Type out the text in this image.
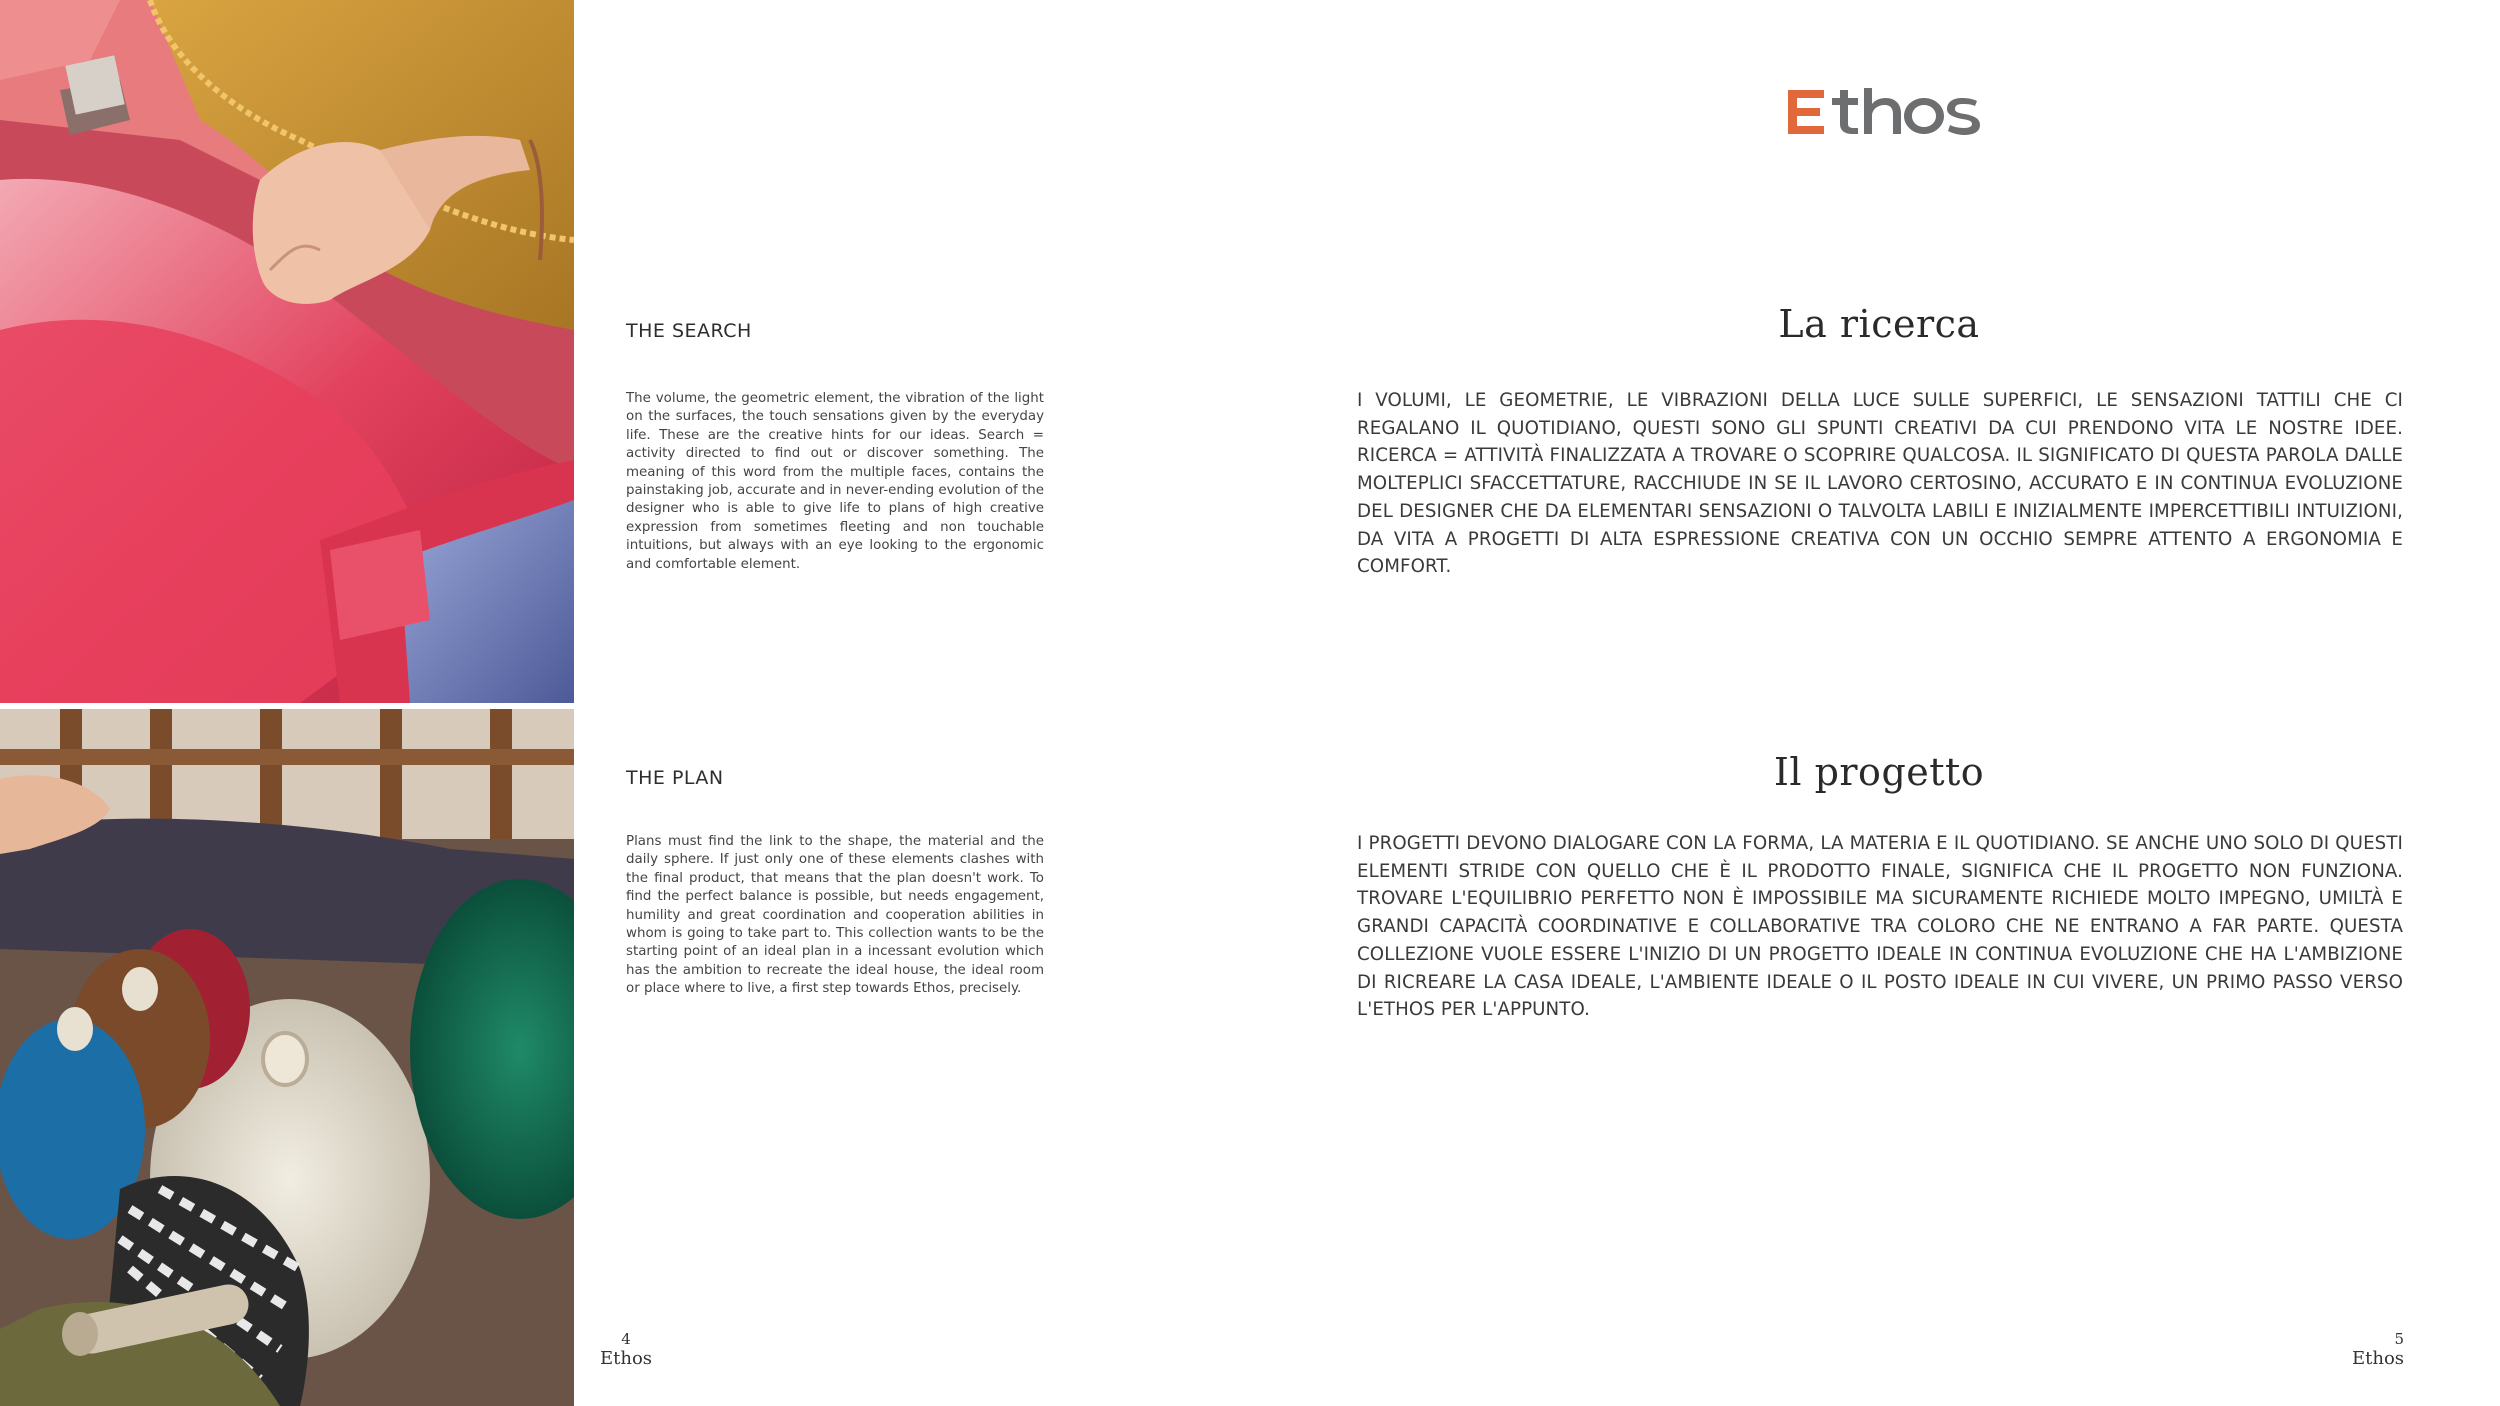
THE SEARCH

The volume, the geometric element, the vibration of the light on the surfaces, the touch sensations given by the everyday life. These are the creative hints for our ideas. Search = activity directed to find out or discover something. The meaning of this word from the multiple faces, contains the painstaking job, accurate and in never-ending evolution of the designer who is able to give life to plans of high creative expression from sometimes fleeting and non touchable intuitions, but always with an eye looking to the ergonomic and comfortable element.

La ricerca

I VOLUMI, LE GEOMETRIE, LE VIBRAZIONI DELLA LUCE SULLE SUPERFICI, LE SENSAZIONI TATTILI CHE CI REGALANO IL QUOTIDIANO, QUESTI SONO GLI SPUNTI CREATIVI DA CUI PRENDONO VITA LE NOSTRE IDEE. RICERCA = ATTIVITÀ FINALIZZATA A TROVARE O SCOPRIRE QUALCOSA. IL SIGNIFICATO DI QUESTA PAROLA DALLE MOLTEPLICI SFACCETTATURE, RACCHIUDE IN SE IL LAVORO CERTOSINO, ACCURATO E IN CONTINUA EVOLUZIONE DEL DESIGNER CHE DA ELEMENTARI SENSAZIONI O TALVOLTA LABILI E INIZIALMENTE IMPERCETTIBILI INTUIZIONI, DA VITA A PROGETTI DI ALTA ESPRESSIONE CREATIVA CON UN OCCHIO SEMPRE ATTENTO A ERGONOMIA E COMFORT.

THE PLAN

Plans must find the link to the shape, the material and the daily sphere. If just only one of these elements clashes with the final product, that means that the plan doesn't work. To find the perfect balance is possible, but needs engagement, humility and great coordination and cooperation abilities in whom is going to take part to. This collection wants to be the starting point of an ideal plan in a incessant evolution which has the ambition to recreate the ideal house, the ideal room or place where to live, a first step towards Ethos, precisely.

Il progetto

I PROGETTI DEVONO DIALOGARE CON LA FORMA, LA MATERIA E IL QUOTIDIANO. SE ANCHE UNO SOLO DI QUESTI ELEMENTI STRIDE CON QUELLO CHE È IL PRODOTTO FINALE, SIGNIFICA CHE IL PROGETTO NON FUNZIONA. TROVARE L'EQUILIBRIO PERFETTO NON È IMPOSSIBILE MA SICURAMENTE RICHIEDE MOLTO IMPEGNO, UMILTÀ E GRANDI CAPACITÀ COORDINATIVE E COLLABORATIVE TRA COLORO CHE NE ENTRANO A FAR PARTE. QUESTA COLLEZIONE VUOLE ESSERE L'INIZIO DI UN PROGETTO IDEALE IN CONTINUA EVOLUZIONE CHE HA L'AMBIZIONE DI RICREARE LA CASA IDEALE, L'AMBIENTE IDEALE O IL POSTO IDEALE IN CUI VIVERE, UN PRIMO PASSO VERSO L'ETHOS PER L'APPUNTO.

4
Ethos
5
Ethos
